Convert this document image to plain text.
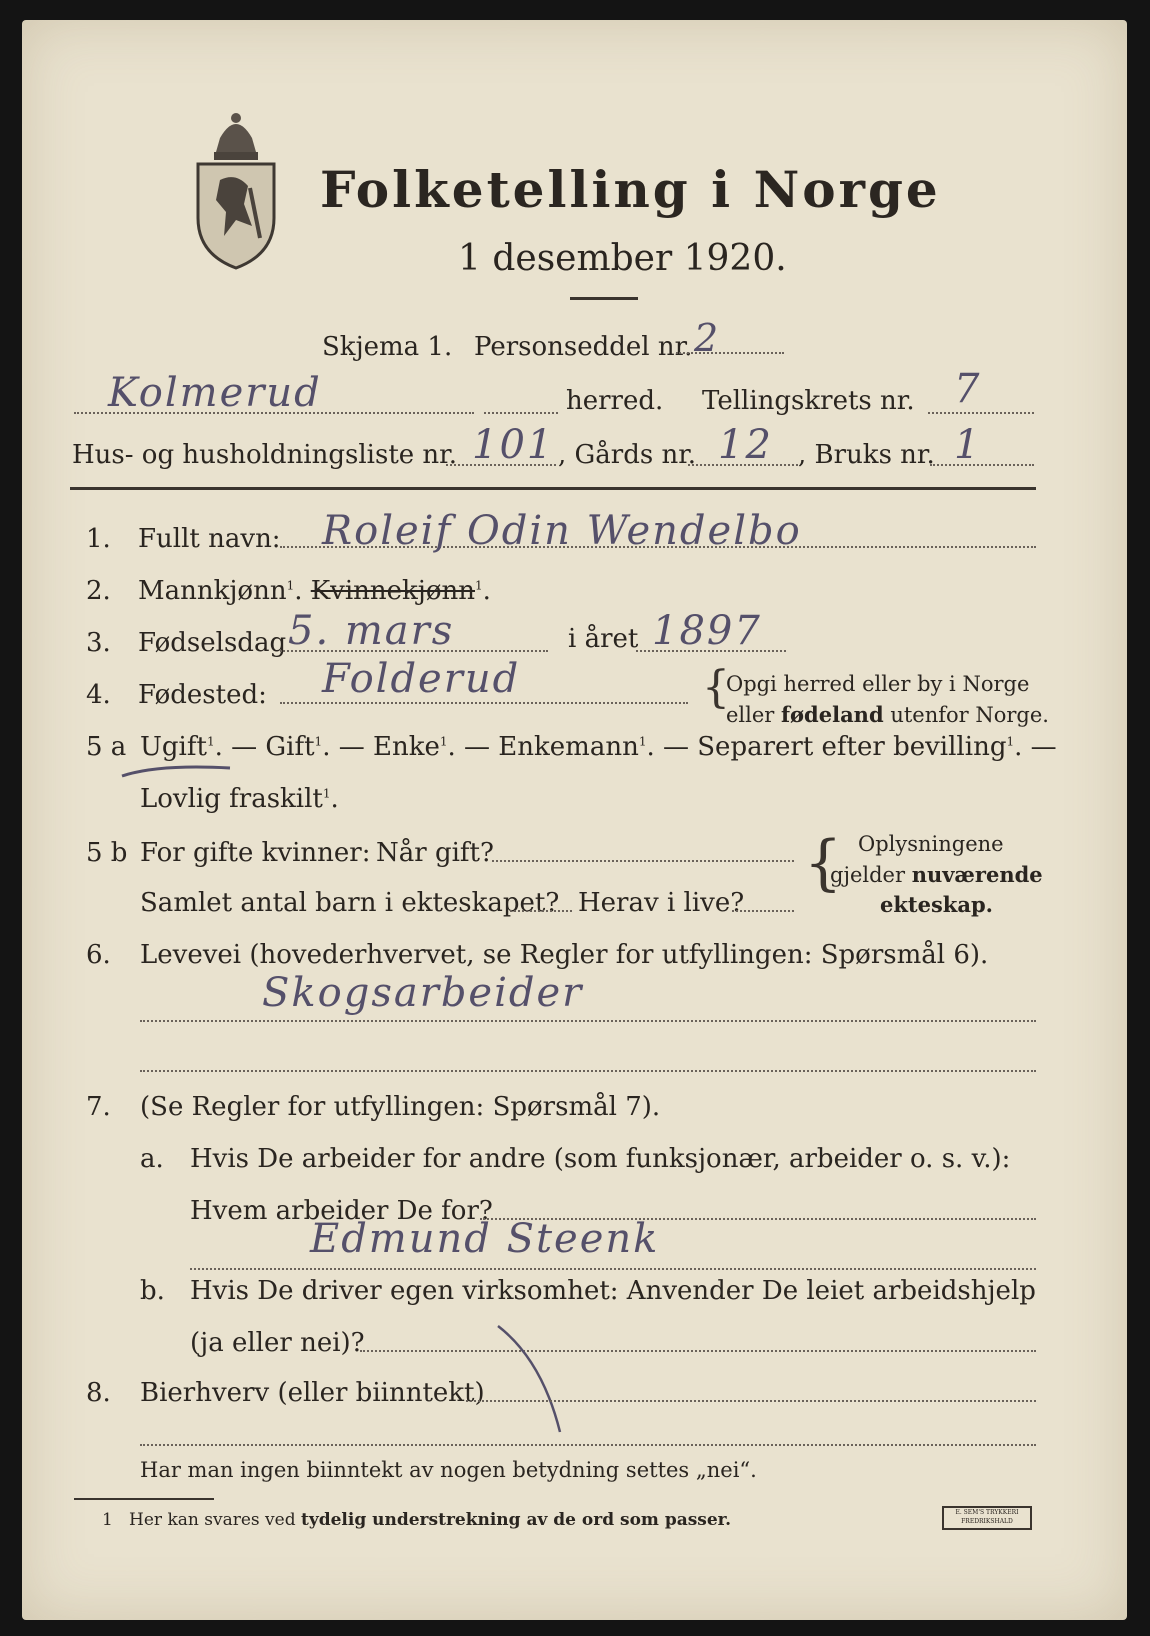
Folketelling i Norge
1 desember 1920.
Skjema 1. Personseddel nr. 2
Kolmerud	herred. Tellingskrets nr. 7
Hus- og husholdningsliste nr. 101 , Gårds nr. 12 , Bruks nr. 1
1. Fullt navn: Roleif Odin Wendelbo
2. Mannkjønn$^1$. Kvinnekjønn$^1$.
3. Fødselsdag 5. mars	i året 1897
4. Fødested: Folderud	{
Opgi herred eller by i Norge
eller fødeland utenfor Norge.
5 a Ugift$^1$. — Gift$^1$. — Enke$^1$. — Enkemann$^1$. — Separert efter bevilling$^1$. —
Lovlig fraskilt$^1$.
5 b For gifte kvinner: Når gift?
Samlet antal barn i ekteskapet? Herav i live?
{ Oplysningene
gjelder nuværende
ekteskap.
6. Levevei (hovederhvervet, se Regler for utfyllingen: Spørsmål 6).
Skogsarbeider
7. (Se Regler for utfyllingen: Spørsmål 7).
a. Hvis De arbeider for andre (som funksjonær, arbeider o. s. v.):
Hvem arbeider De for?
Edmund Steenk
b. Hvis De driver egen virksomhet: Anvender De leiet arbeidshjelp
(ja eller nei)?
8. Bierhverv (eller biinntekt)
Har man ingen biinntekt av nogen betydning settes „nei“.
1 Her kan svares ved tydelig understrekning av de ord som passer.	E. SEM'S TRYKKERI
FREDRIKSHALD
